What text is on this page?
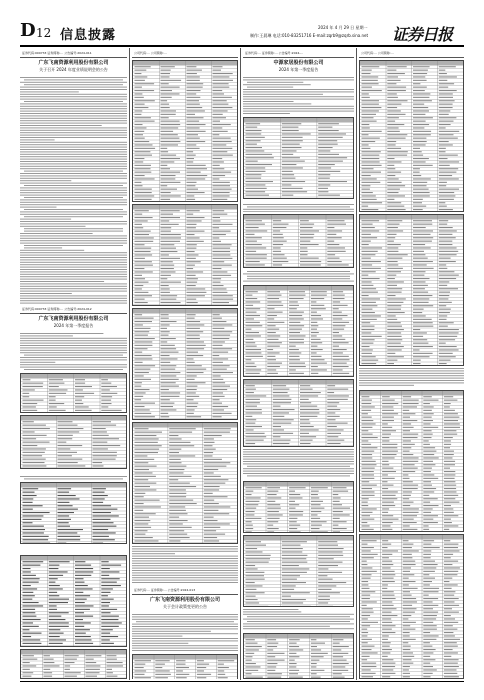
D 12 信息披露
2024 年 4 月 29 日 星期一
制作:王晨琳 电话:010-83251716 E-mail:zqrb9@zqrb.sina.net 证券日报
证券代码:000733 证券简称:... 公告编号:2024-011
广东飞南资源利用股份有限公司
关于召开 2024 年度业绩说明会的公告
证券代码:000733 证券简称:... 公告编号:2024-012
广东飞南资源利用股份有限公司
2024 年第一季度报告
公司代码:... 公司简称:...
证券代码:... 证券简称:... 公告编号:2024-013
广东飞南资源利用股份有限公司
关于会计政策变更的公告
证券代码:... 证券简称:... 公告编号:2024-...
中源家居股份有限公司
2024 年第一季度报告
公司代码:... 公司简称:...
